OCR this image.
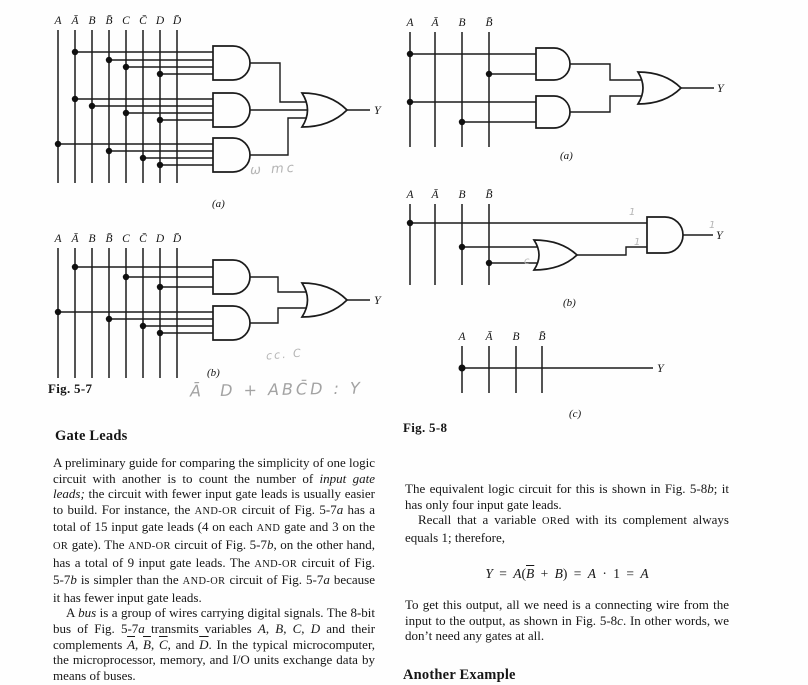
A Ā B B̄ C C̄ D D̄
Y
(a)
A Ā B B̄ C C̄ D D̄
Y
(b)
Fig. 5-7
ω mc
cc. C
Ā  D + ABC̄D : Y
A Ā B B̄
Y
(a)
A Ā B B̄
1
1
1
c
Y
(b)
A Ā B B̄
Y
(c)
Fig. 5-8
Gate Leads

A preliminary guide for comparing the simplicity of one logic circuit with another is to count the number of input gate leads; the circuit with fewer input gate leads is usually easier to build. For instance, the AND-OR circuit of Fig. 5-7a has a total of 15 input gate leads (4 on each AND gate and 3 on the OR gate). The AND-OR circuit of Fig. 5-7b, on the other hand, has a total of 9 input gate leads. The AND-OR circuit of Fig. 5-7b is simpler than the AND-OR circuit of Fig. 5-7a because it has fewer input gate leads.

A bus is a group of wires carrying digital signals. The 8-bit bus of Fig. 5-7a transmits variables A, B, C, D and their complements $\overline{A}$, $\overline{B}$, $\overline{C}$, and $\overline{D}$. In the typical microcomputer, the microprocessor, memory, and I/O units exchange data by means of buses.

The equivalent logic circuit for this is shown in Fig. 5-8b; it has only four input gate leads.

Recall that a variable ORed with its complement always equals 1; therefore,

$Y = A(\overline{B} + B) = A \cdot 1 = A$

To get this output, all we need is a connecting wire from the input to the output, as shown in Fig. 5-8c. In other words, we don’t need any gates at all.

Another Example
